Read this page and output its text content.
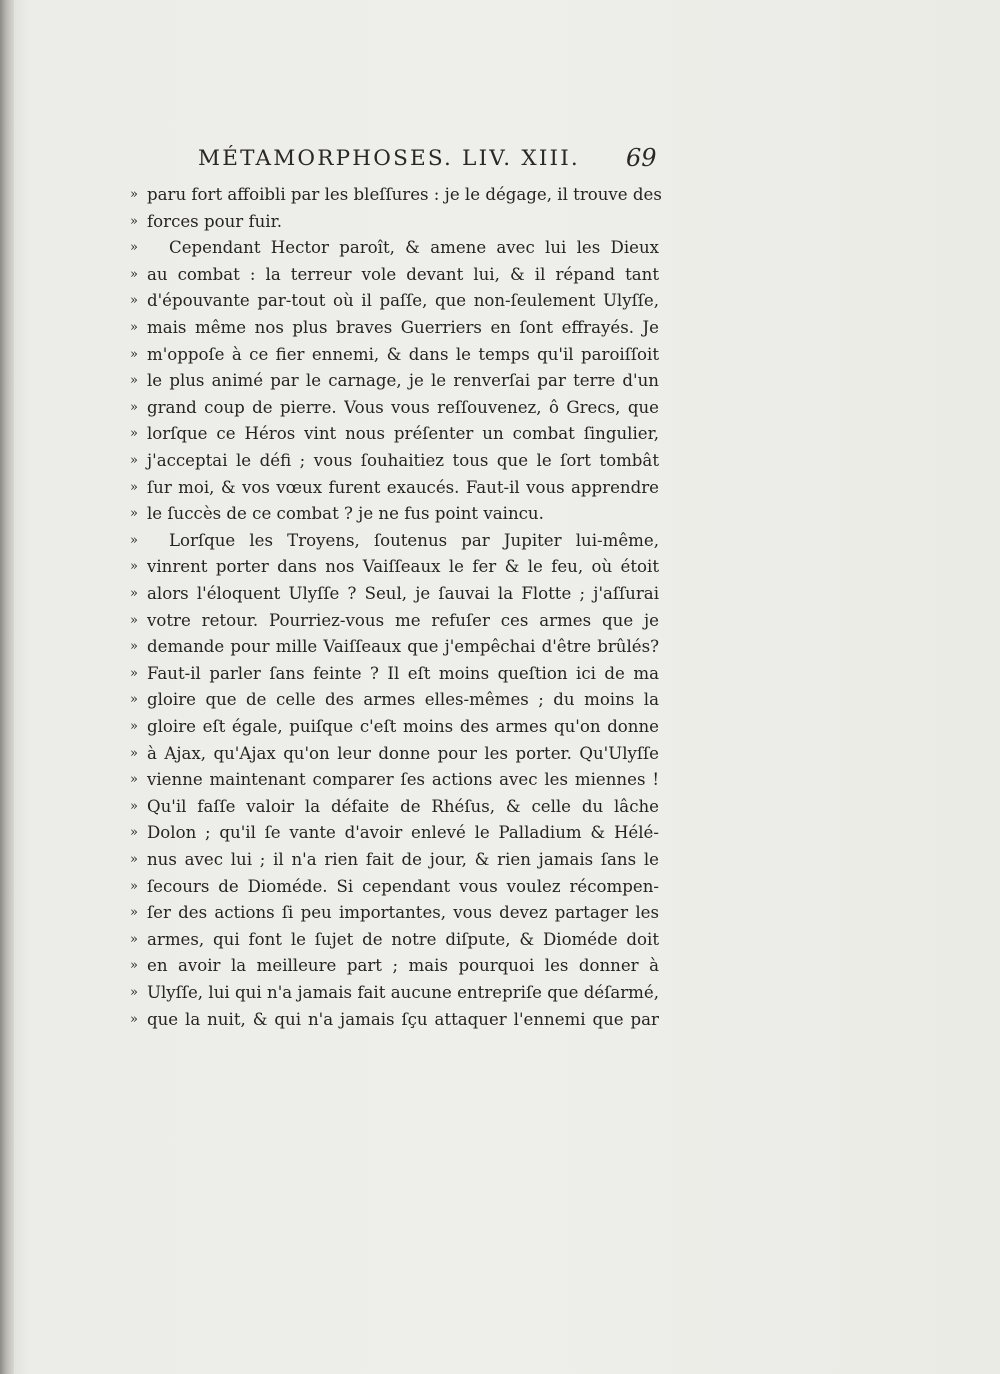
MÉTAMORPHOSES. LIV. XIII. 69
» paru fort affoibli par les bleſſures : je le dégage, il trouve des
» forces pour fuir.
»	Cependant Hector paroît, & amene avec lui les Dieux
» au combat : la terreur vole devant lui, & il répand tant
» d'épouvante par-tout où il paſſe, que non-ſeulement Ulyſſe,
» mais même nos plus braves Guerriers en ſont effrayés. Je
» m'oppoſe à ce fier ennemi, & dans le temps qu'il paroiſſoit
» le plus animé par le carnage, je le renverſai par terre d'un
» grand coup de pierre. Vous vous reſſouvenez, ô Grecs, que
» lorſque ce Héros vint nous préſenter un combat ſingulier,
» j'acceptai le défi ; vous ſouhaitiez tous que le ſort tombât
» ſur moi, & vos vœux furent exaucés. Faut-il vous apprendre
» le ſuccès de ce combat ? je ne fus point vaincu.
»	Lorſque les Troyens, ſoutenus par Jupiter lui-même,
» vinrent porter dans nos Vaiſſeaux le fer & le feu, où étoit
» alors l'éloquent Ulyſſe ? Seul, je ſauvai la Flotte ; j'aſſurai
» votre retour. Pourriez-vous me refuſer ces armes que je
» demande pour mille Vaiſſeaux que j'empêchai d'être brûlés?
» Faut-il parler ſans feinte ? Il eſt moins queſtion ici de ma
» gloire que de celle des armes elles-mêmes ; du moins la
» gloire eſt égale, puiſque c'eſt moins des armes qu'on donne
» à Ajax, qu'Ajax qu'on leur donne pour les porter. Qu'Ulyſſe
» vienne maintenant comparer ſes actions avec les miennes !
» Qu'il faſſe valoir la défaite de Rhéſus, & celle du lâche
» Dolon ; qu'il ſe vante d'avoir enlevé le Palladium & Hélé-
» nus avec lui ; il n'a rien fait de jour, & rien jamais ſans le
» ſecours de Dioméde. Si cependant vous voulez récompen-
» ſer des actions ſi peu importantes, vous devez partager les
» armes, qui font le ſujet de notre diſpute, & Dioméde doit
» en avoir la meilleure part ; mais pourquoi les donner à
» Ulyſſe, lui qui n'a jamais fait aucune entrepriſe que déſarmé,
» que la nuit, & qui n'a jamais ſçu attaquer l'ennemi que par
